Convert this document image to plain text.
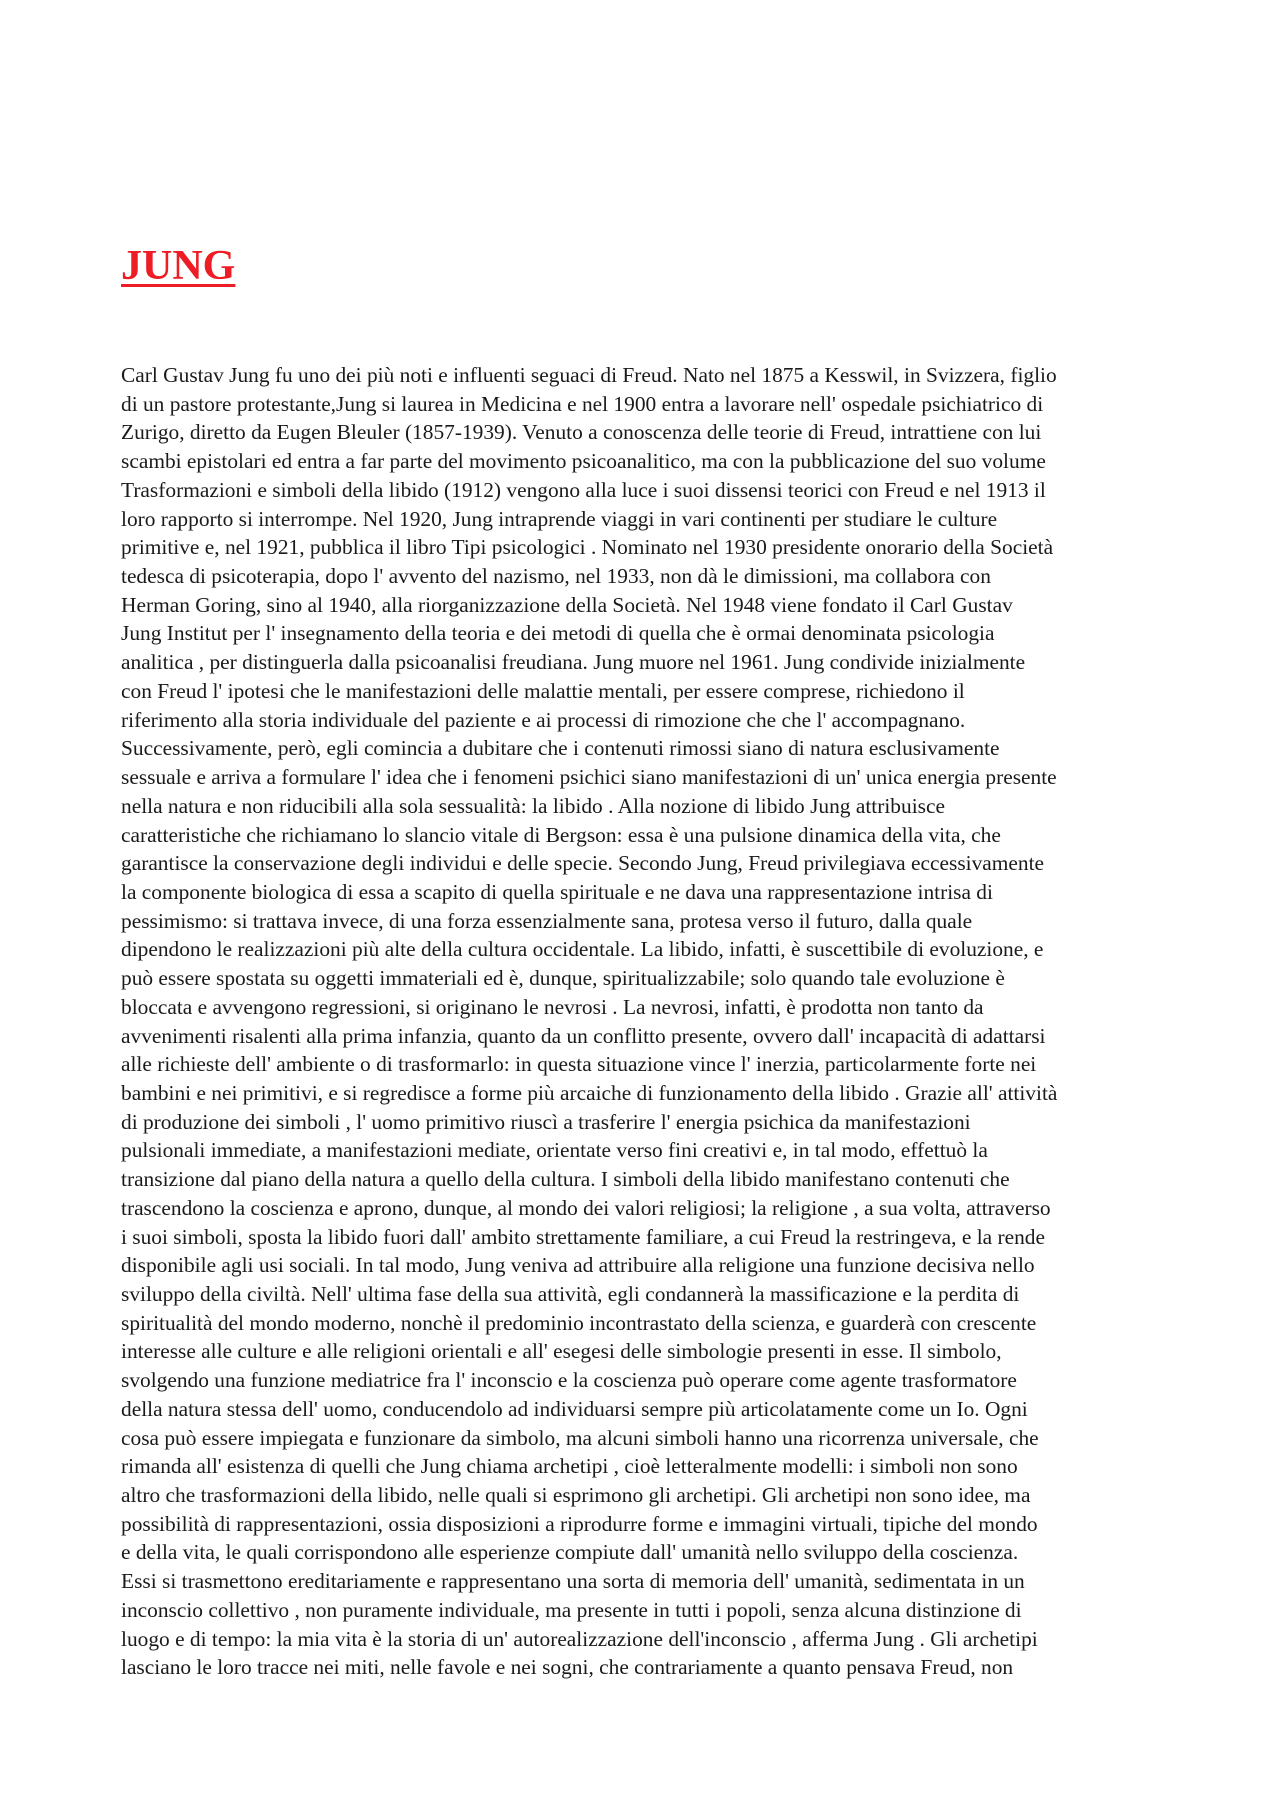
JUNG
Carl Gustav Jung fu uno dei più noti e influenti seguaci di Freud. Nato nel 1875 a Kesswil, in Svizzera, figlio
di un pastore protestante,Jung si laurea in Medicina e nel 1900 entra a lavorare nell' ospedale psichiatrico di
Zurigo, diretto da Eugen Bleuler (1857-1939). Venuto a conoscenza delle teorie di Freud, intrattiene con lui
scambi epistolari ed entra a far parte del movimento psicoanalitico, ma con la pubblicazione del suo volume
Trasformazioni e simboli della libido (1912) vengono alla luce i suoi dissensi teorici con Freud e nel 1913 il
loro rapporto si interrompe. Nel 1920, Jung intraprende viaggi in vari continenti per studiare le culture
primitive e, nel 1921, pubblica il libro Tipi psicologici . Nominato nel 1930 presidente onorario della Società
tedesca di psicoterapia, dopo l' avvento del nazismo, nel 1933, non dà le dimissioni, ma collabora con
Herman Goring, sino al 1940, alla riorganizzazione della Società. Nel 1948 viene fondato il Carl Gustav
Jung Institut per l' insegnamento della teoria e dei metodi di quella che è ormai denominata psicologia
analitica , per distinguerla dalla psicoanalisi freudiana. Jung muore nel 1961. Jung condivide inizialmente
con Freud l' ipotesi che le manifestazioni delle malattie mentali, per essere comprese, richiedono il
riferimento alla storia individuale del paziente e ai processi di rimozione che che l' accompagnano.
Successivamente, però, egli comincia a dubitare che i contenuti rimossi siano di natura esclusivamente
sessuale e arriva a formulare l' idea che i fenomeni psichici siano manifestazioni di un' unica energia presente
nella natura e non riducibili alla sola sessualità: la libido . Alla nozione di libido Jung attribuisce
caratteristiche che richiamano lo slancio vitale di Bergson: essa è una pulsione dinamica della vita, che
garantisce la conservazione degli individui e delle specie. Secondo Jung, Freud privilegiava eccessivamente
la componente biologica di essa a scapito di quella spirituale e ne dava una rappresentazione intrisa di
pessimismo: si trattava invece, di una forza essenzialmente sana, protesa verso il futuro, dalla quale
dipendono le realizzazioni più alte della cultura occidentale. La libido, infatti, è suscettibile di evoluzione, e
può essere spostata su oggetti immateriali ed è, dunque, spiritualizzabile; solo quando tale evoluzione è
bloccata e avvengono regressioni, si originano le nevrosi . La nevrosi, infatti, è prodotta non tanto da
avvenimenti risalenti alla prima infanzia, quanto da un conflitto presente, ovvero dall' incapacità di adattarsi
alle richieste dell' ambiente o di trasformarlo: in questa situazione vince l' inerzia, particolarmente forte nei
bambini e nei primitivi, e si regredisce a forme più arcaiche di funzionamento della libido . Grazie all' attività
di produzione dei simboli , l' uomo primitivo riuscì a trasferire l' energia psichica da manifestazioni
pulsionali immediate, a manifestazioni mediate, orientate verso fini creativi e, in tal modo, effettuò la
transizione dal piano della natura a quello della cultura. I simboli della libido manifestano contenuti che
trascendono la coscienza e aprono, dunque, al mondo dei valori religiosi; la religione , a sua volta, attraverso
i suoi simboli, sposta la libido fuori dall' ambito strettamente familiare, a cui Freud la restringeva, e la rende
disponibile agli usi sociali. In tal modo, Jung veniva ad attribuire alla religione una funzione decisiva nello
sviluppo della civiltà. Nell' ultima fase della sua attività, egli condannerà la massificazione e la perdita di
spiritualità del mondo moderno, nonchè il predominio incontrastato della scienza, e guarderà con crescente
interesse alle culture e alle religioni orientali e all' esegesi delle simbologie presenti in esse. Il simbolo,
svolgendo una funzione mediatrice fra l' inconscio e la coscienza può operare come agente trasformatore
della natura stessa dell' uomo, conducendolo ad individuarsi sempre più articolatamente come un Io. Ogni
cosa può essere impiegata e funzionare da simbolo, ma alcuni simboli hanno una ricorrenza universale, che
rimanda all' esistenza di quelli che Jung chiama archetipi , cioè letteralmente modelli: i simboli non sono
altro che trasformazioni della libido, nelle quali si esprimono gli archetipi. Gli archetipi non sono idee, ma
possibilità di rappresentazioni, ossia disposizioni a riprodurre forme e immagini virtuali, tipiche del mondo
e della vita, le quali corrispondono alle esperienze compiute dall' umanità nello sviluppo della coscienza.
Essi si trasmettono ereditariamente e rappresentano una sorta di memoria dell' umanità, sedimentata in un
inconscio collettivo , non puramente individuale, ma presente in tutti i popoli, senza alcuna distinzione di
luogo e di tempo: la mia vita è la storia di un' autorealizzazione dell'inconscio , afferma Jung . Gli archetipi
lasciano le loro tracce nei miti, nelle favole e nei sogni, che contrariamente a quanto pensava Freud, non
